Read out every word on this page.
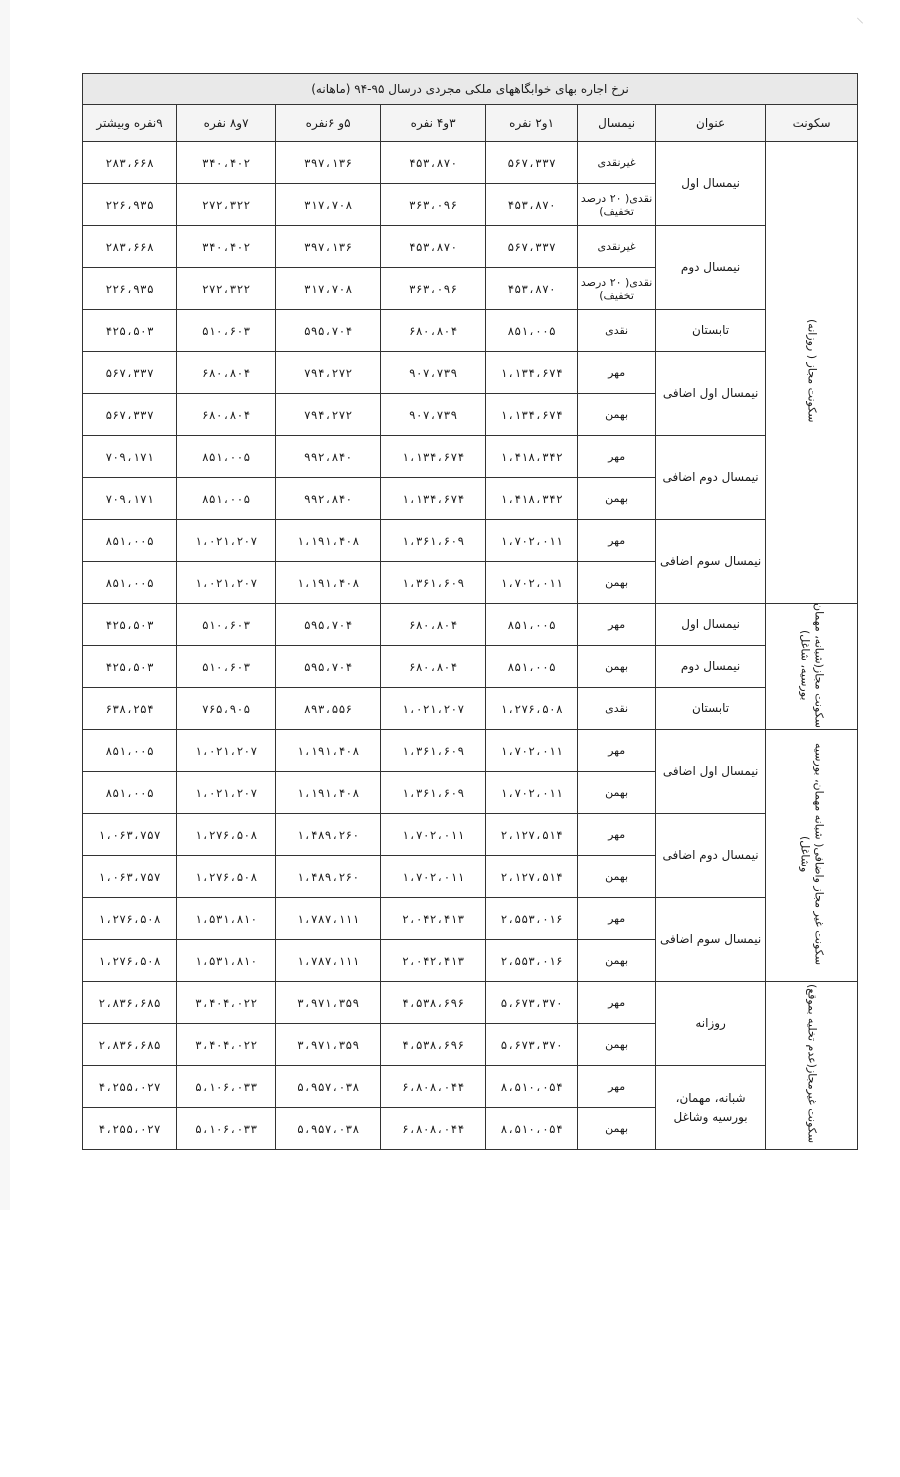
⸌
نرخ اجاره بهای خوابگاههای ملکی مجردی درسال ۹۵-۹۴ (ماهانه)							
سکونت	عنوان	نیمسال	۱و۲ نفره	۳و۴ نفره	۵و ۶نفره	۷و۸ نفره	۹نفره وبیشتر
سکونت مجاز ( روزانه)	نیمسال اول	غیرنقدی	۵۶۷،۳۳۷	۴۵۳،۸۷۰	۳۹۷،۱۳۶	۳۴۰،۴۰۲	۲۸۳،۶۶۸
		نقدی( ۲۰ درصد تخفیف)	۴۵۳،۸۷۰	۳۶۳،۰۹۶	۳۱۷،۷۰۸	۲۷۲،۳۲۲	۲۲۶،۹۳۵
	نیمسال دوم	غیرنقدی	۵۶۷،۳۳۷	۴۵۳،۸۷۰	۳۹۷،۱۳۶	۳۴۰،۴۰۲	۲۸۳،۶۶۸
		نقدی( ۲۰ درصد تخفیف)	۴۵۳،۸۷۰	۳۶۳،۰۹۶	۳۱۷،۷۰۸	۲۷۲،۳۲۲	۲۲۶،۹۳۵
	تابستان	نقدی	۸۵۱،۰۰۵	۶۸۰،۸۰۴	۵۹۵،۷۰۴	۵۱۰،۶۰۳	۴۲۵،۵۰۳
	نیمسال اول اضافی	مهر	۱،۱۳۴،۶۷۴	۹۰۷،۷۳۹	۷۹۴،۲۷۲	۶۸۰،۸۰۴	۵۶۷،۳۳۷
		بهمن	۱،۱۳۴،۶۷۴	۹۰۷،۷۳۹	۷۹۴،۲۷۲	۶۸۰،۸۰۴	۵۶۷،۳۳۷
	نیمسال دوم اضافی	مهر	۱،۴۱۸،۳۴۲	۱،۱۳۴،۶۷۴	۹۹۲،۸۴۰	۸۵۱،۰۰۵	۷۰۹،۱۷۱
		بهمن	۱،۴۱۸،۳۴۲	۱،۱۳۴،۶۷۴	۹۹۲،۸۴۰	۸۵۱،۰۰۵	۷۰۹،۱۷۱
	نیمسال سوم اضافی	مهر	۱،۷۰۲،۰۱۱	۱،۳۶۱،۶۰۹	۱،۱۹۱،۴۰۸	۱،۰۲۱،۲۰۷	۸۵۱،۰۰۵
		بهمن	۱،۷۰۲،۰۱۱	۱،۳۶۱،۶۰۹	۱،۱۹۱،۴۰۸	۱،۰۲۱،۲۰۷	۸۵۱،۰۰۵
سکونت مجاز(شبانه، مهمان
بورسیه، شاغل)	نیمسال اول	مهر	۸۵۱،۰۰۵	۶۸۰،۸۰۴	۵۹۵،۷۰۴	۵۱۰،۶۰۳	۴۲۵،۵۰۳
	نیمسال دوم	بهمن	۸۵۱،۰۰۵	۶۸۰،۸۰۴	۵۹۵،۷۰۴	۵۱۰،۶۰۳	۴۲۵،۵۰۳
	تابستان	نقدی	۱،۲۷۶،۵۰۸	۱،۰۲۱،۲۰۷	۸۹۳،۵۵۶	۷۶۵،۹۰۵	۶۳۸،۲۵۴
سکونت غیر مجاز واضافی( شبانه مهمان، بورسیه وشاغل)	نیمسال اول اضافی	مهر	۱،۷۰۲،۰۱۱	۱،۳۶۱،۶۰۹	۱،۱۹۱،۴۰۸	۱،۰۲۱،۲۰۷	۸۵۱،۰۰۵
		بهمن	۱،۷۰۲،۰۱۱	۱،۳۶۱،۶۰۹	۱،۱۹۱،۴۰۸	۱،۰۲۱،۲۰۷	۸۵۱،۰۰۵
	نیمسال دوم اضافی	مهر	۲،۱۲۷،۵۱۴	۱،۷۰۲،۰۱۱	۱،۴۸۹،۲۶۰	۱،۲۷۶،۵۰۸	۱،۰۶۳،۷۵۷
		بهمن	۲،۱۲۷،۵۱۴	۱،۷۰۲،۰۱۱	۱،۴۸۹،۲۶۰	۱،۲۷۶،۵۰۸	۱،۰۶۳،۷۵۷
	نیمسال سوم اضافی	مهر	۲،۵۵۳،۰۱۶	۲،۰۴۲،۴۱۳	۱،۷۸۷،۱۱۱	۱،۵۳۱،۸۱۰	۱،۲۷۶،۵۰۸
		بهمن	۲،۵۵۳،۰۱۶	۲،۰۴۲،۴۱۳	۱،۷۸۷،۱۱۱	۱،۵۳۱،۸۱۰	۱،۲۷۶،۵۰۸
سکونت غیرمجاز(عدم تخلیه بموقع)	روزانه	مهر	۵،۶۷۳،۳۷۰	۴،۵۳۸،۶۹۶	۳،۹۷۱،۳۵۹	۳،۴۰۴،۰۲۲	۲،۸۳۶،۶۸۵
		بهمن	۵،۶۷۳،۳۷۰	۴،۵۳۸،۶۹۶	۳،۹۷۱،۳۵۹	۳،۴۰۴،۰۲۲	۲،۸۳۶،۶۸۵
	شبانه، مهمان، بورسیه وشاغل	مهر	۸،۵۱۰،۰۵۴	۶،۸۰۸،۰۴۴	۵،۹۵۷،۰۳۸	۵،۱۰۶،۰۳۳	۴،۲۵۵،۰۲۷
		بهمن	۸،۵۱۰،۰۵۴	۶،۸۰۸،۰۴۴	۵،۹۵۷،۰۳۸	۵،۱۰۶،۰۳۳	۴،۲۵۵،۰۲۷
